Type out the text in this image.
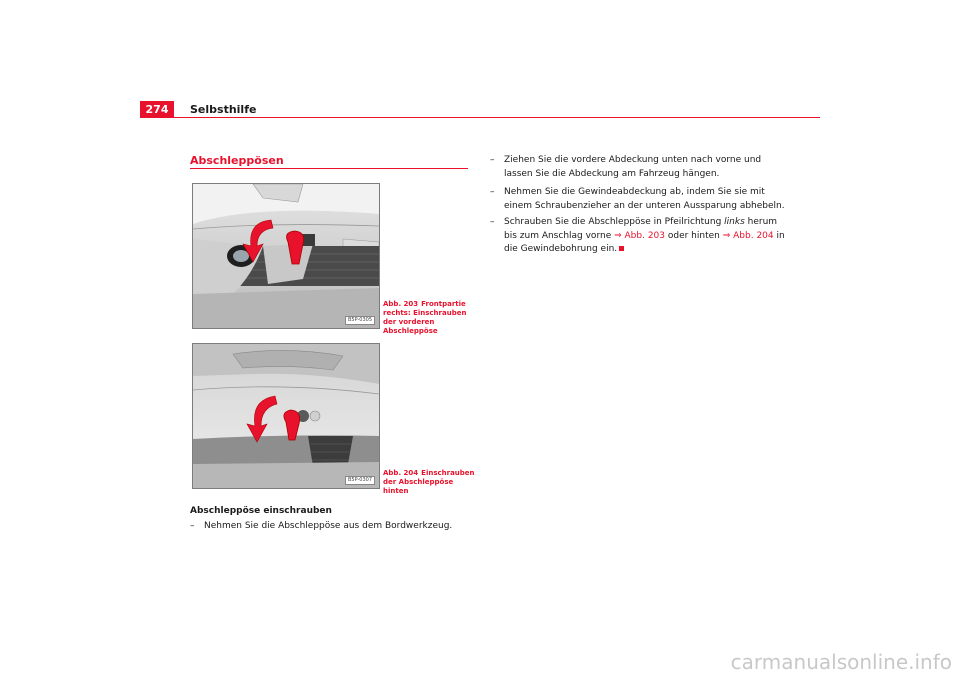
274	Selbsthilfe
Abschleppösen
B5P-0305
Abb. 203 Frontpartie rechts: Einschrauben der vorderen Abschleppöse
B5P-0307
Abb. 204 Einschrauben der Abschleppöse hinten
Abschleppöse einschrauben
– Nehmen Sie die Abschleppöse aus dem Bordwerkzeug.
– Ziehen Sie die vordere Abdeckung unten nach vorne und lassen Sie die Abdeckung am Fahrzeug hängen.
– Nehmen Sie die Gewindeabdeckung ab, indem Sie sie mit einem Schraubenzieher an der unteren Aussparung abhebeln.
– Schrauben Sie die Abschleppöse in Pfeilrichtung links herum bis zum Anschlag vorne ⇒ Abb. 203 oder hinten ⇒ Abb. 204 in die Gewindebohrung ein.
carmanualsonline.info
